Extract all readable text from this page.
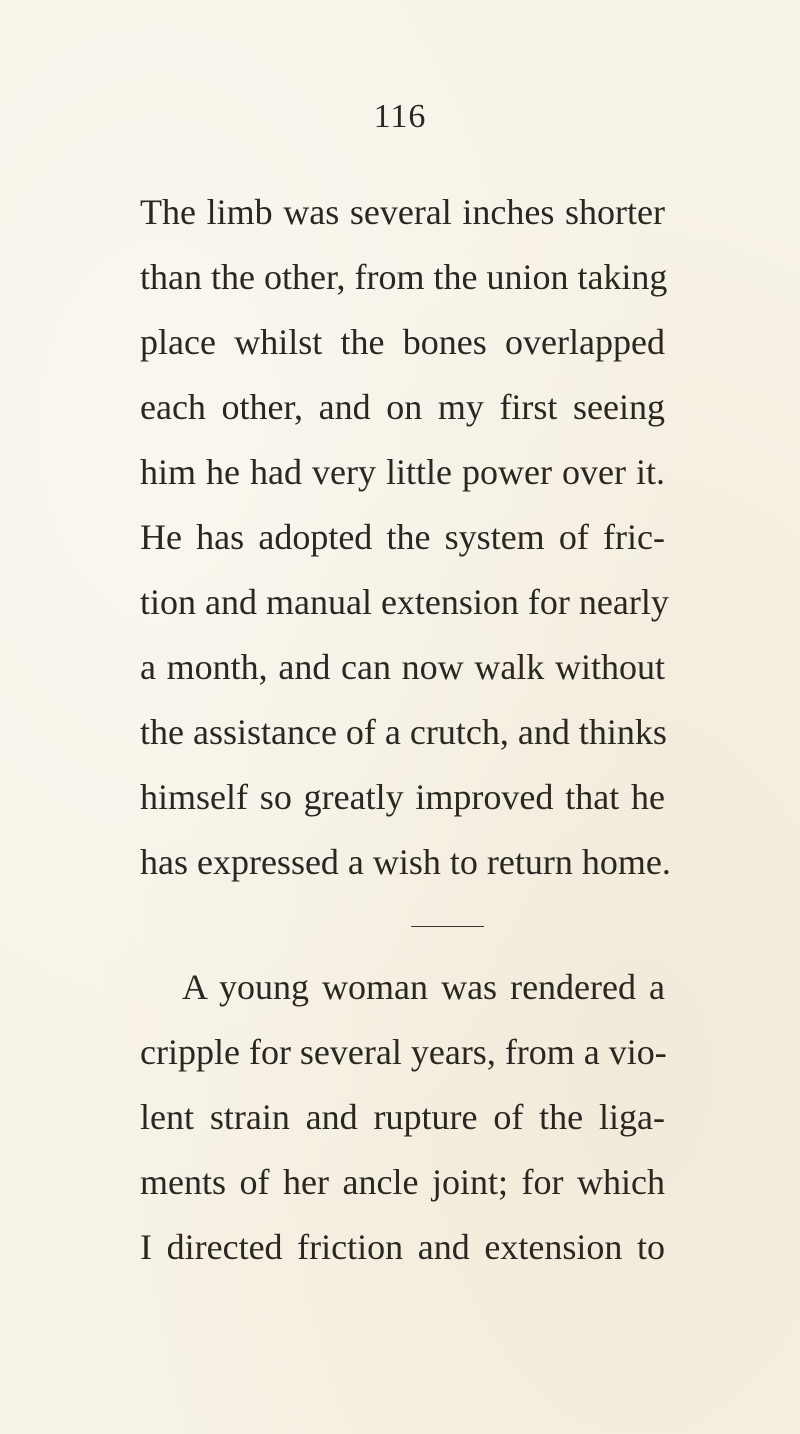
116
The limb was several inches shorter
than the other, from the union taking
place whilst the bones overlapped
each other, and on my first seeing
him he had very little power over it.
He has adopted the system of fric-
tion and manual extension for nearly
a month, and can now walk without
the assistance of a crutch, and thinks
himself so greatly improved that he
has expressed a wish to return home.
A young woman was rendered a
cripple for several years, from a vio-
lent strain and rupture of the liga-
ments of her ancle joint; for which
I directed friction and extension to
